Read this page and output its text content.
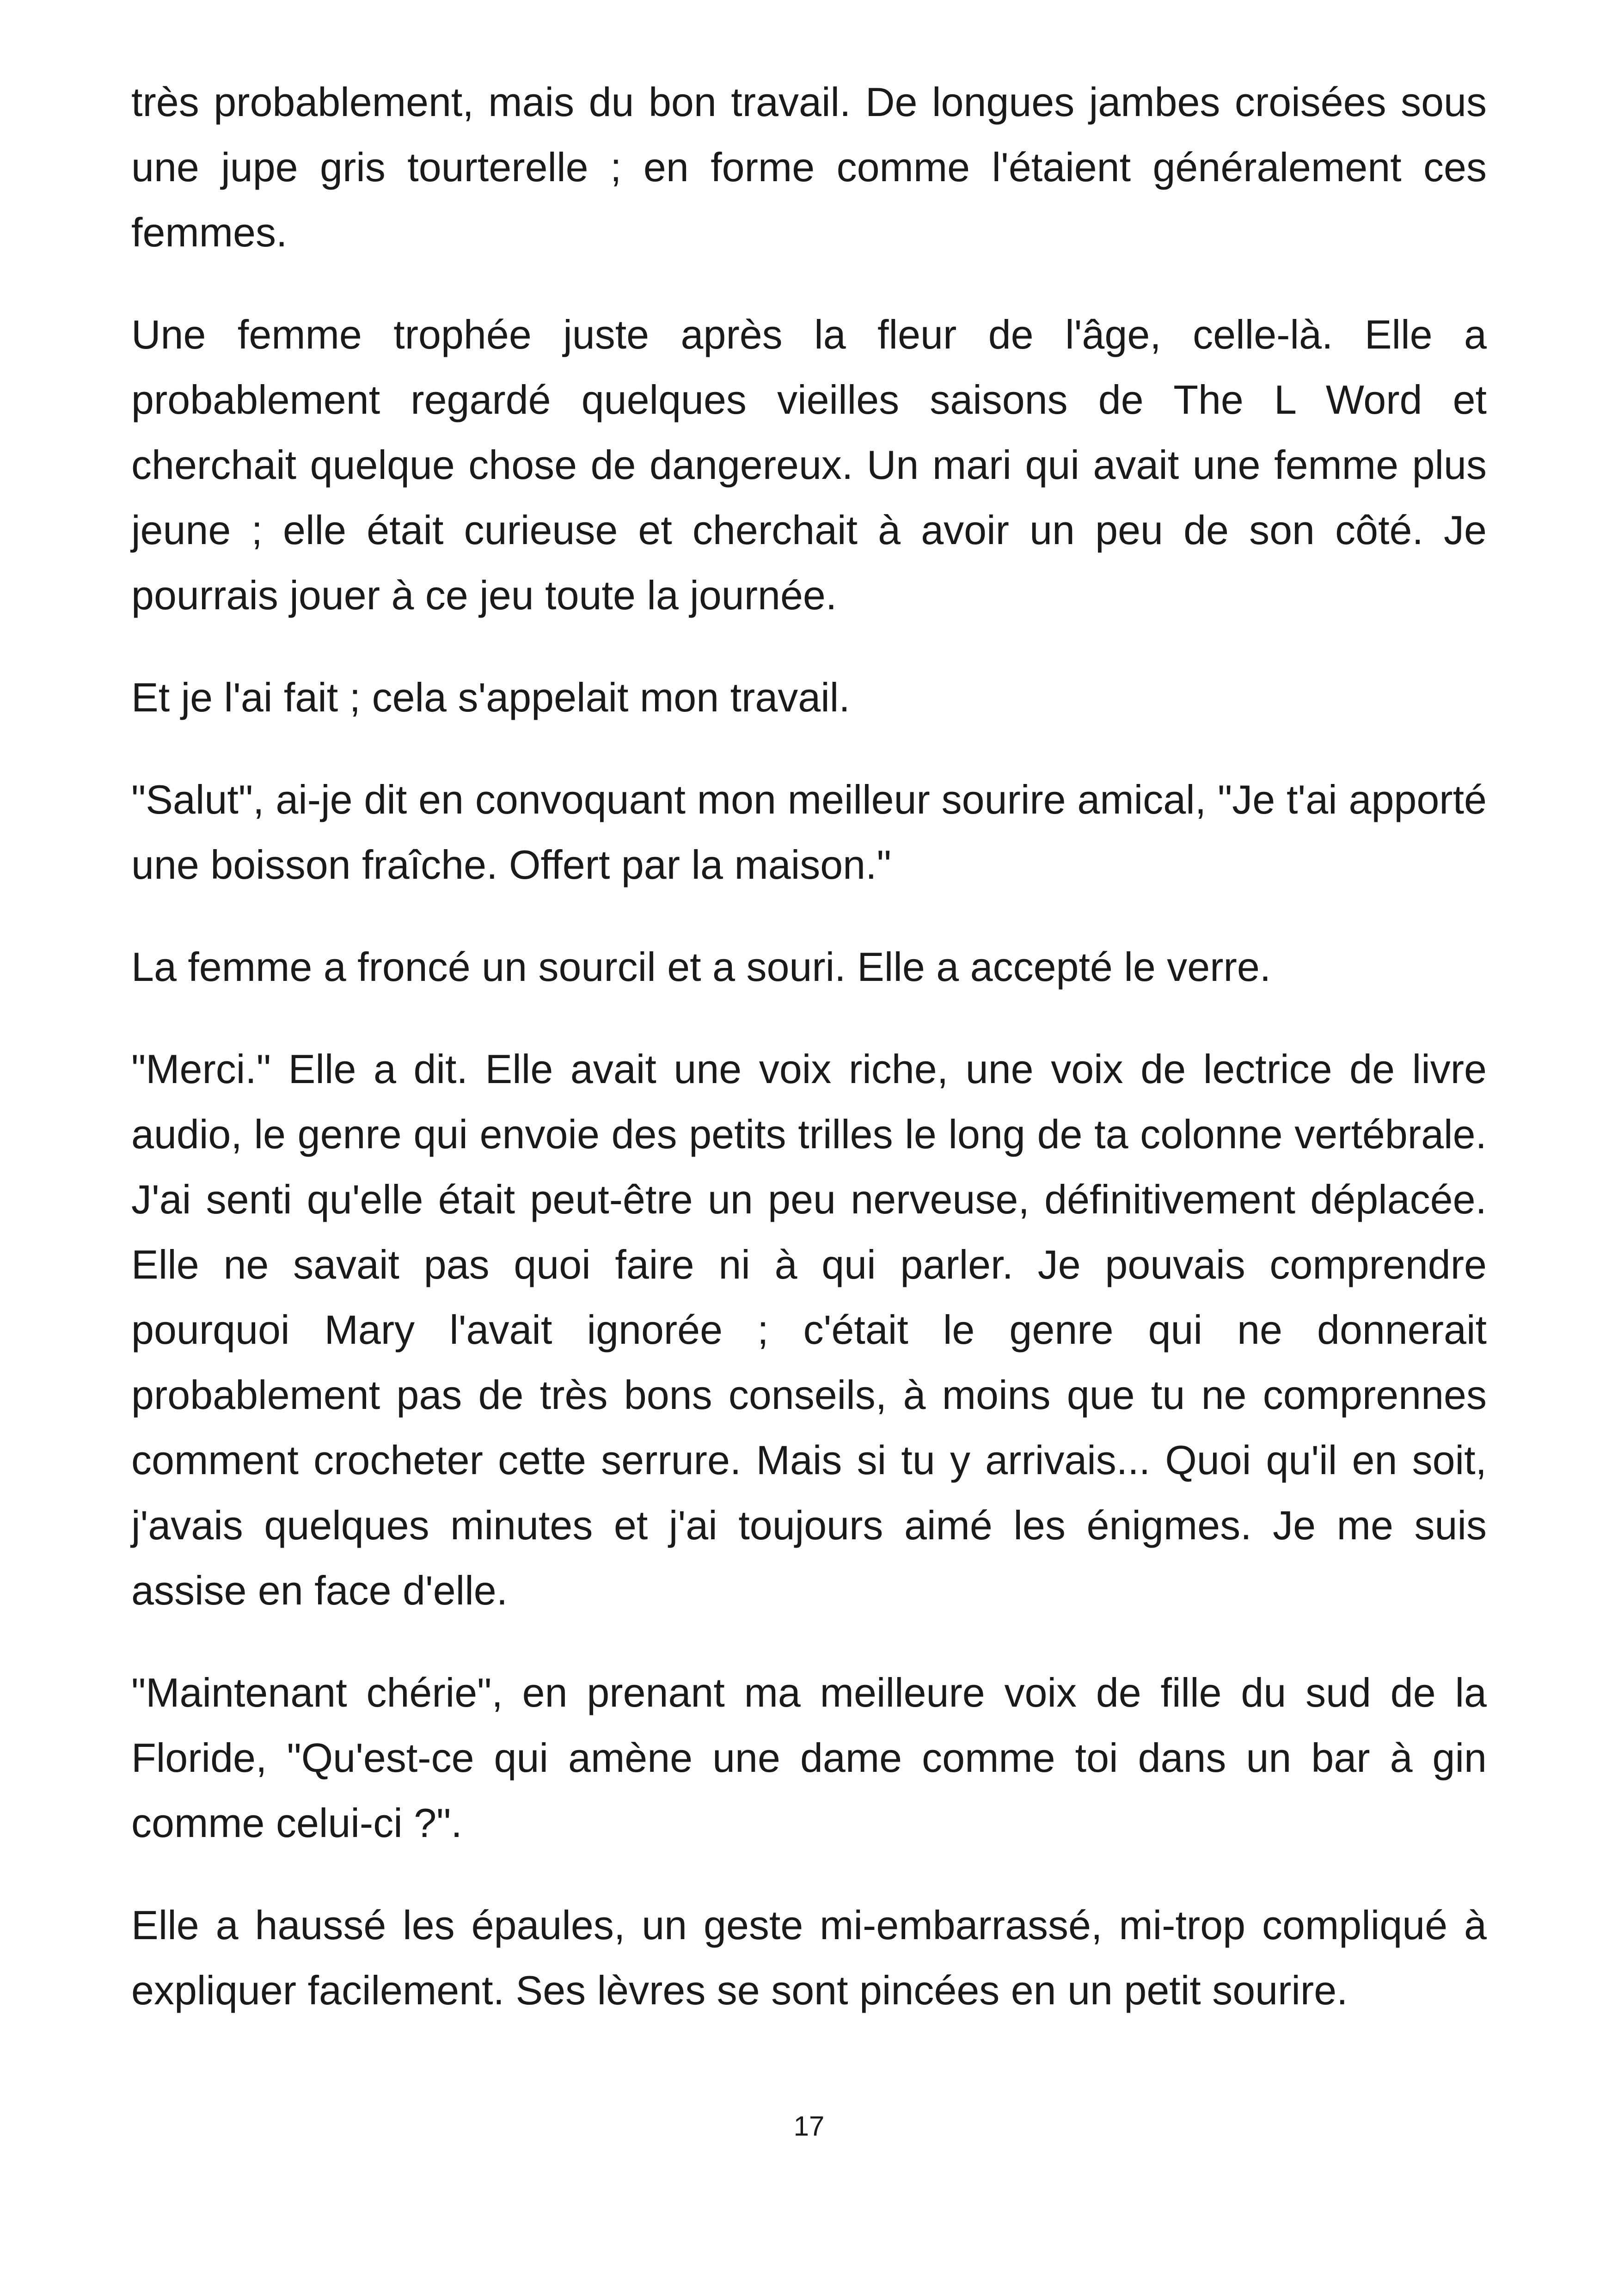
très probablement, mais du bon travail. De longues jambes croisées sous une jupe gris tourterelle ; en forme comme l'étaient généralement ces femmes.

Une femme trophée juste après la fleur de l'âge, celle-là. Elle a probablement regardé quelques vieilles saisons de The L Word et cherchait quelque chose de dangereux. Un mari qui avait une femme plus jeune ; elle était curieuse et cherchait à avoir un peu de son côté. Je pourrais jouer à ce jeu toute la journée.

Et je l'ai fait ; cela s'appelait mon travail.

"Salut", ai-je dit en convoquant mon meilleur sourire amical, "Je t'ai apporté une boisson fraîche. Offert par la maison."

La femme a froncé un sourcil et a souri. Elle a accepté le verre.

"Merci." Elle a dit. Elle avait une voix riche, une voix de lectrice de livre audio, le genre qui envoie des petits trilles le long de ta colonne vertébrale. J'ai senti qu'elle était peut-être un peu nerveuse, définitivement déplacée. Elle ne savait pas quoi faire ni à qui parler. Je pouvais comprendre pourquoi Mary l'avait ignorée ; c'était le genre qui ne donnerait probablement pas de très bons conseils, à moins que tu ne comprennes comment crocheter cette serrure. Mais si tu y arrivais... Quoi qu'il en soit, j'avais quelques minutes et j'ai toujours aimé les énigmes. Je me suis assise en face d'elle.

"Maintenant chérie", en prenant ma meilleure voix de fille du sud de la Floride, "Qu'est-ce qui amène une dame comme toi dans un bar à gin comme celui-ci ?".

Elle a haussé les épaules, un geste mi-embarrassé, mi-trop compliqué à expliquer facilement. Ses lèvres se sont pincées en un petit sourire.

17
